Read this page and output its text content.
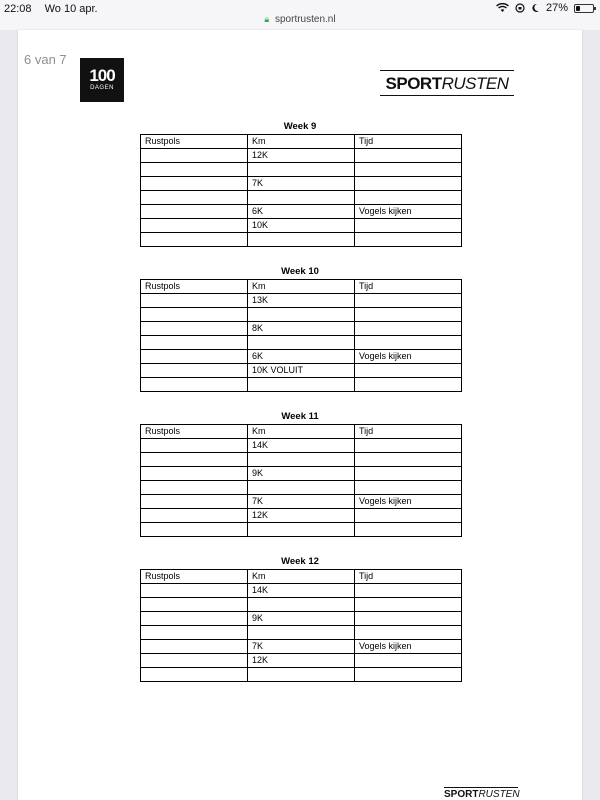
22:08 Wo 10 apr.
🔒︎ sportrusten.nl
27%
6 van 7
100
DAGEN	SPORTRUSTEN
Week 9
Rustpols	Km	Tijd
	12K	

	7K	

	6K	Vogels kijken
	10K	

Week 10
Rustpols	Km	Tijd
	13K	

	8K	

	6K	Vogels kijken
	10K VOLUIT	

Week 11
Rustpols	Km	Tijd
	14K	

	9K	

	7K	Vogels kijken
	12K	

Week 12
Rustpols	Km	Tijd
	14K	

	9K	

	7K	Vogels kijken
	12K	

SPORTRUSTEN
